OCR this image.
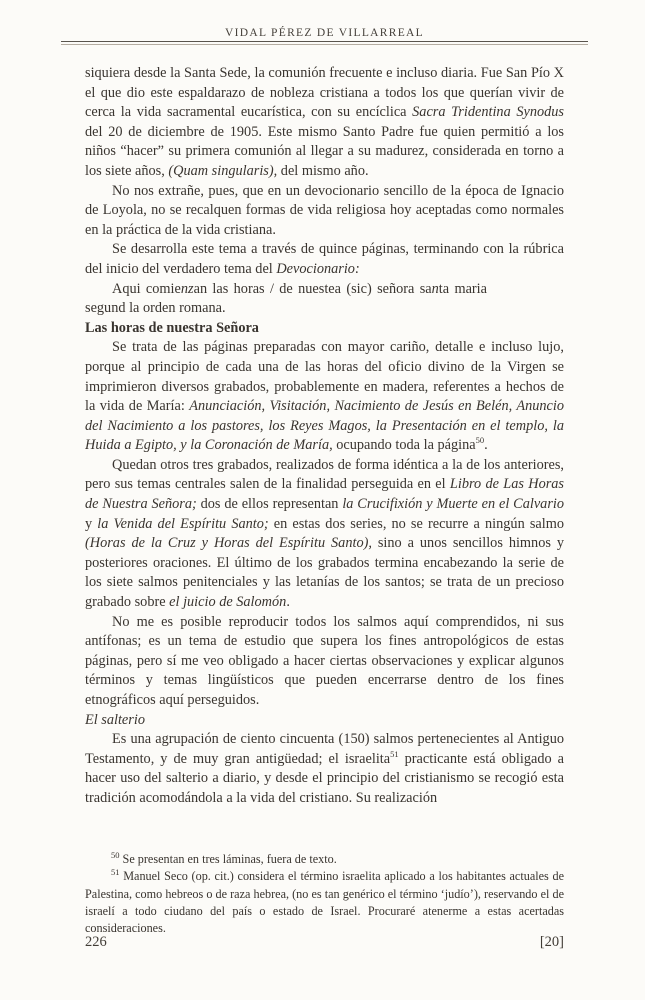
VIDAL PÉREZ DE VILLARREAL

siquiera desde la Santa Sede, la comunión frecuente e incluso diaria. Fue San Pío X el que dio este espaldarazo de nobleza cristiana a todos los que querían vivir de cerca la vida sacramental eucarística, con su encíclica Sacra Tridentina Synodus del 20 de diciembre de 1905. Este mismo Santo Padre fue quien permitió a los niños “hacer” su primera comunión al llegar a su madurez, considerada en torno a los siete años, (Quam singularis), del mismo año.

No nos extrañe, pues, que en un devocionario sencillo de la época de Ignacio de Loyola, no se recalquen formas de vida religiosa hoy aceptadas como normales en la práctica de la vida cristiana.

Se desarrolla este tema a través de quince páginas, terminando con la rúbrica del inicio del verdadero tema del Devocionario:

Aqui comienzan las horas / de nuestea (sic) señora santa maria segund la orden romana.

Las horas de nuestra Señora

Se trata de las páginas preparadas con mayor cariño, detalle e incluso lujo, porque al principio de cada una de las horas del oficio divino de la Virgen se imprimieron diversos grabados, probablemente en madera, referentes a hechos de la vida de María: Anunciación, Visitación, Nacimiento de Jesús en Belén, Anuncio del Nacimiento a los pastores, los Reyes Magos, la Presentación en el templo, la Huida a Egipto, y la Coronación de María, ocupando toda la página$^{50}$.

Quedan otros tres grabados, realizados de forma idéntica a la de los anteriores, pero sus temas centrales salen de la finalidad perseguida en el Libro de Las Horas de Nuestra Señora; dos de ellos representan la Crucifixión y Muerte en el Calvario y la Venida del Espíritu Santo; en estas dos series, no se recurre a ningún salmo (Horas de la Cruz y Horas del Espíritu Santo), sino a unos sencillos himnos y posteriores oraciones. El último de los grabados termina encabezando la serie de los siete salmos penitenciales y las letanías de los santos; se trata de un precioso grabado sobre el juicio de Salomón.

No me es posible reproducir todos los salmos aquí comprendidos, ni sus antífonas; es un tema de estudio que supera los fines antropológicos de estas páginas, pero sí me veo obligado a hacer ciertas observaciones y explicar algunos términos y temas lingüísticos que pueden encerrarse dentro de los fines etnográficos aquí perseguidos.

El salterio

Es una agrupación de ciento cincuenta (150) salmos pertenecientes al Antiguo Testamento, y de muy gran antigüedad; el israelita$^{51}$ practicante está obligado a hacer uso del salterio a diario, y desde el principio del cristianismo se recogió esta tradición acomodándola a la vida del cristiano. Su realización

$^{50}$ Se presentan en tres láminas, fuera de texto.

$^{51}$ Manuel Seco (op. cit.) considera el término israelita aplicado a los habitantes actuales de Palestina, como hebreos o de raza hebrea, (no es tan genérico el término ‘judío’), reservando el de israelí a todo ciudano del país o estado de Israel. Procuraré atenerme a estas acertadas consideraciones.

226	[20]
